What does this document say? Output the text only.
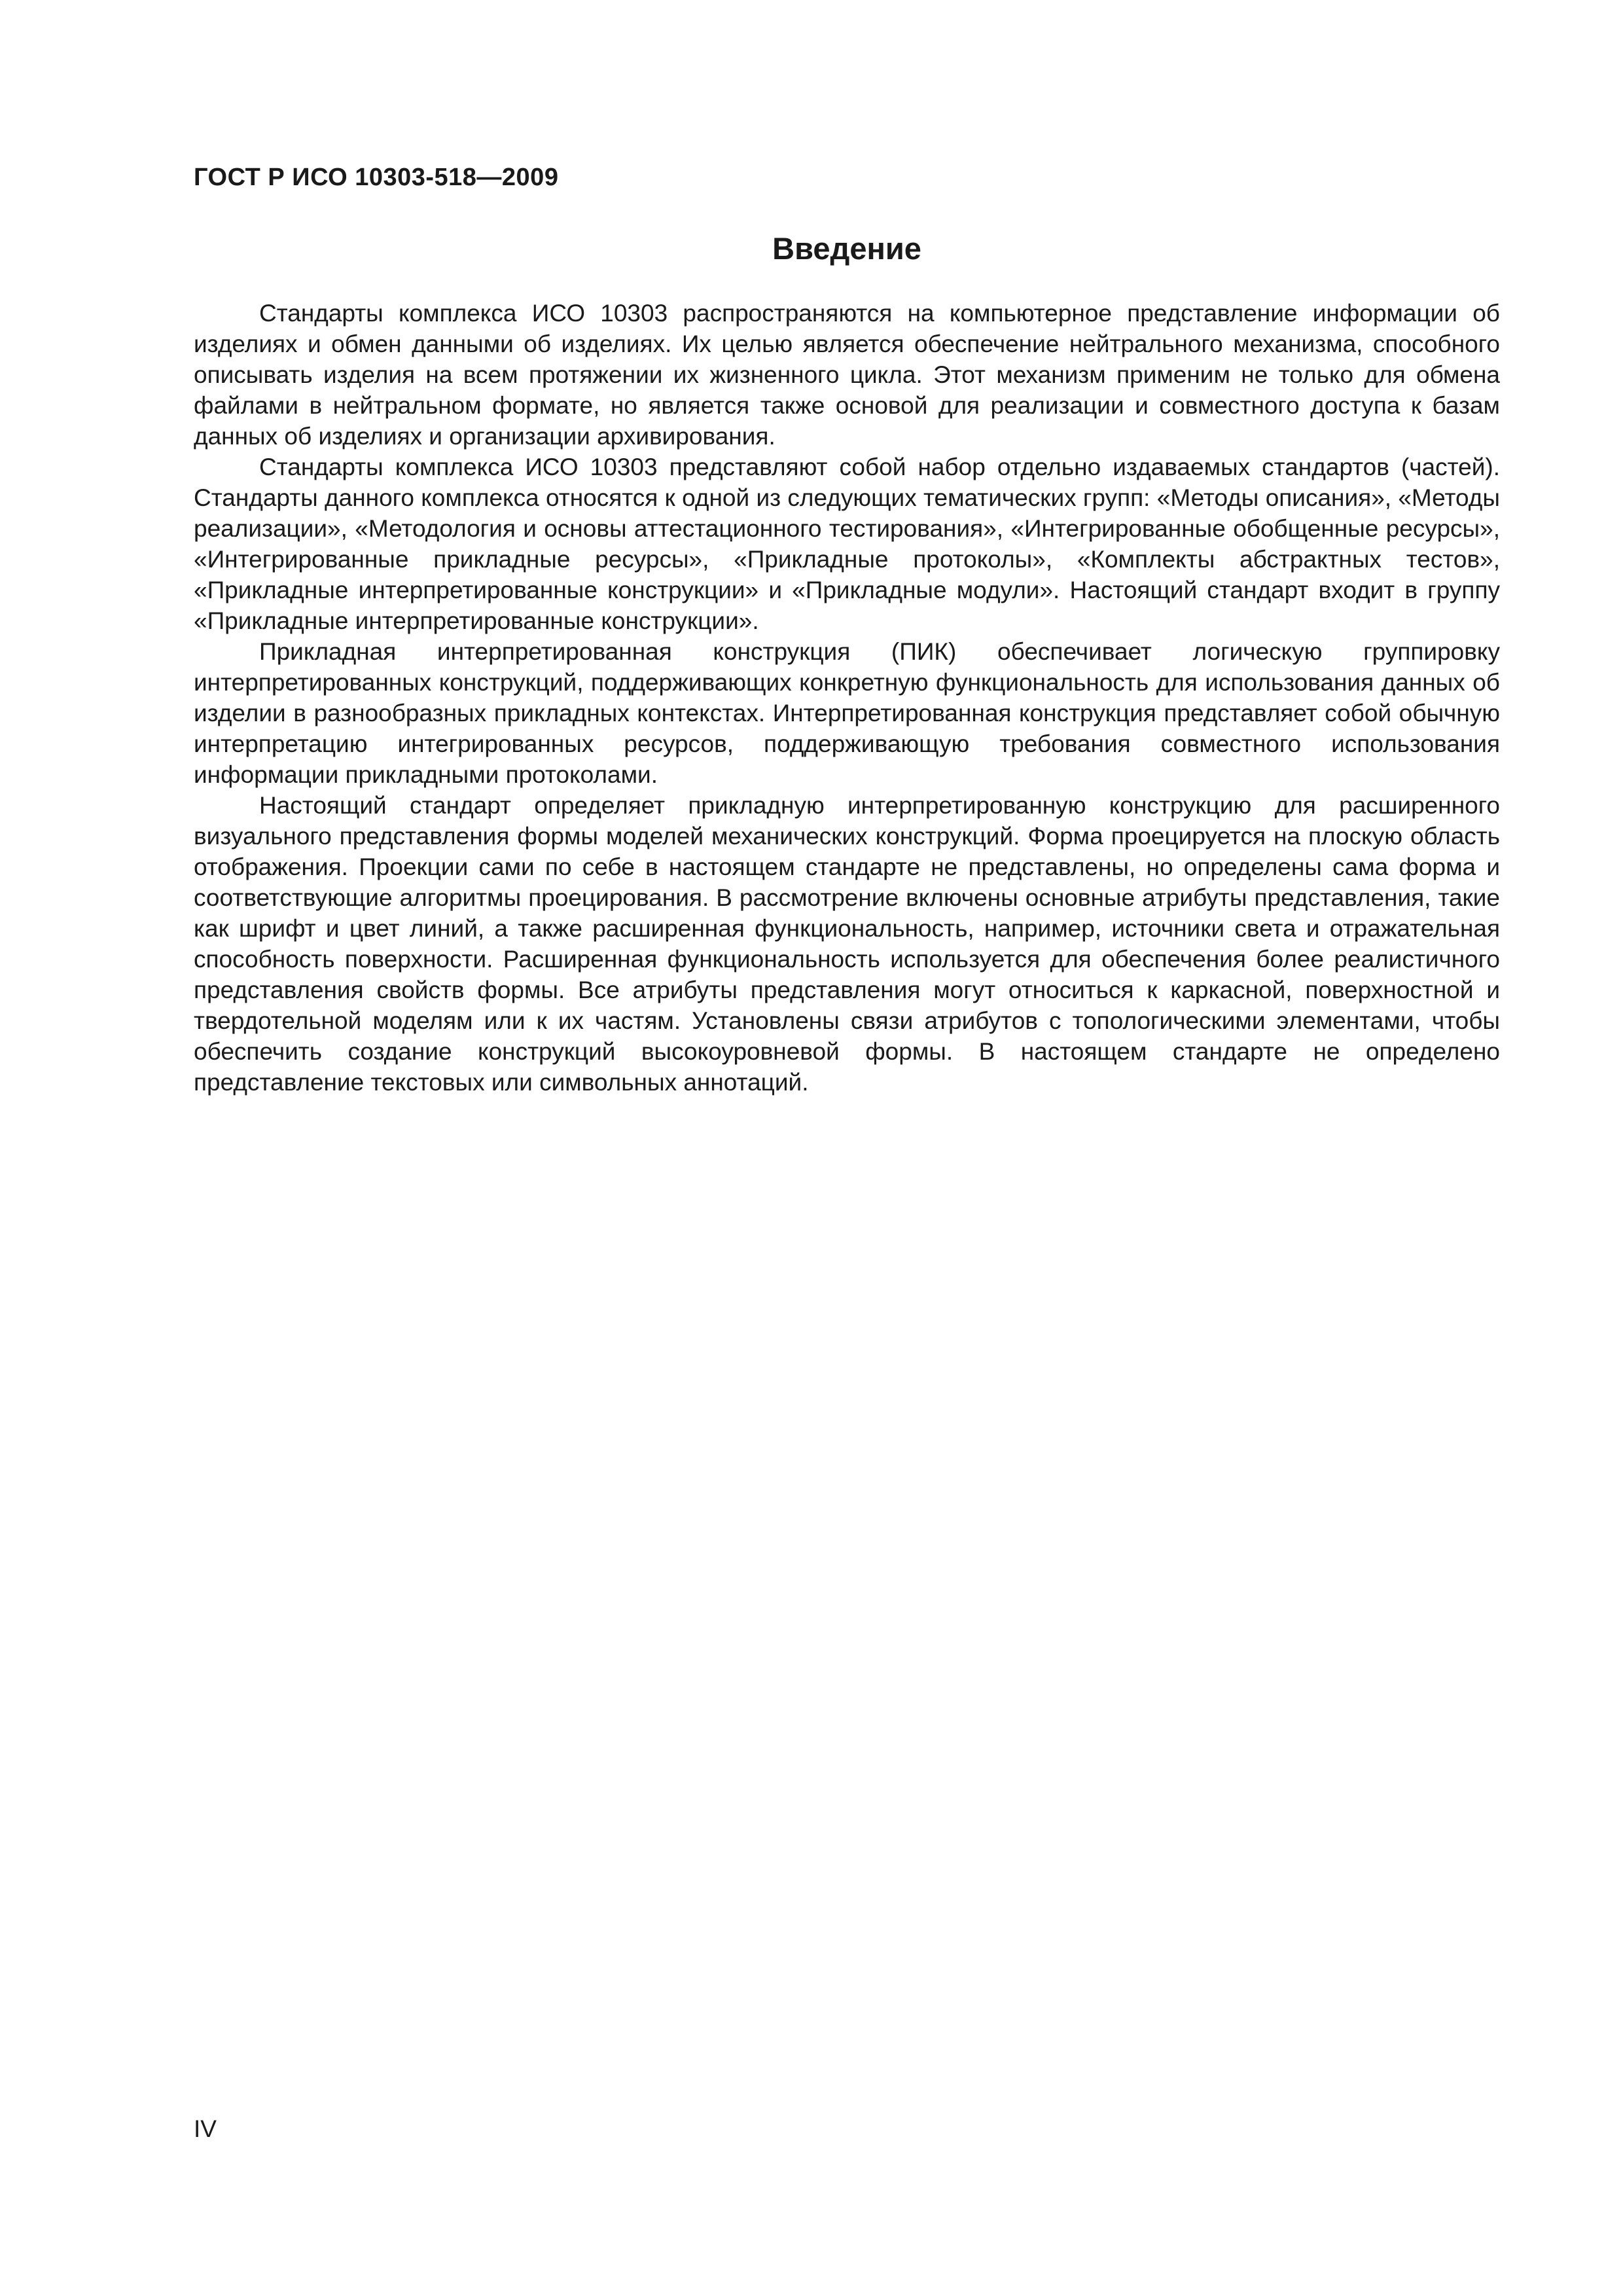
ГОСТ Р ИСО 10303-518—2009
Введение

Стандарты комплекса ИСО 10303 распространяются на компьютерное представление информации об изделиях и обмен данными об изделиях. Их целью является обеспечение нейтрального механизма, способного описывать изделия на всем протяжении их жизненного цикла. Этот механизм применим не только для обмена файлами в нейтральном формате, но является также основой для реализации и совместного доступа к базам данных об изделиях и организации архивирования.

Стандарты комплекса ИСО 10303 представляют собой набор отдельно издаваемых стандартов (частей). Стандарты данного комплекса относятся к одной из следующих тематических групп: «Методы описания», «Методы реализации», «Методология и основы аттестационного тестирования», «Интегрированные обобщенные ресурсы», «Интегрированные прикладные ресурсы», «Прикладные протоколы», «Комплекты абстрактных тестов», «Прикладные интерпретированные конструкции» и «Прикладные модули». Настоящий стандарт входит в группу «Прикладные интерпретированные конструкции».

Прикладная интерпретированная конструкция (ПИК) обеспечивает логическую группировку интерпретированных конструкций, поддерживающих конкретную функциональность для использования данных об изделии в разнообразных прикладных контекстах. Интерпретированная конструкция представляет собой обычную интерпретацию интегрированных ресурсов, поддерживающую требования совместного использования информации прикладными протоколами.

Настоящий стандарт определяет прикладную интерпретированную конструкцию для расширенного визуального представления формы моделей механических конструкций. Форма проецируется на плоскую область отображения. Проекции сами по себе в настоящем стандарте не представлены, но определены сама форма и соответствующие алгоритмы проецирования. В рассмотрение включены основные атрибуты представления, такие как шрифт и цвет линий, а также расширенная функциональность, например, источники света и отражательная способность поверхности. Расширенная функциональность используется для обеспечения более реалистичного представления свойств формы. Все атрибуты представления могут относиться к каркасной, поверхностной и твердотельной моделям или к их частям. Установлены связи атрибутов с топологическими элементами, чтобы обеспечить создание конструкций высокоуровневой формы. В настоящем стандарте не определено представление текстовых или символьных аннотаций.

IV
